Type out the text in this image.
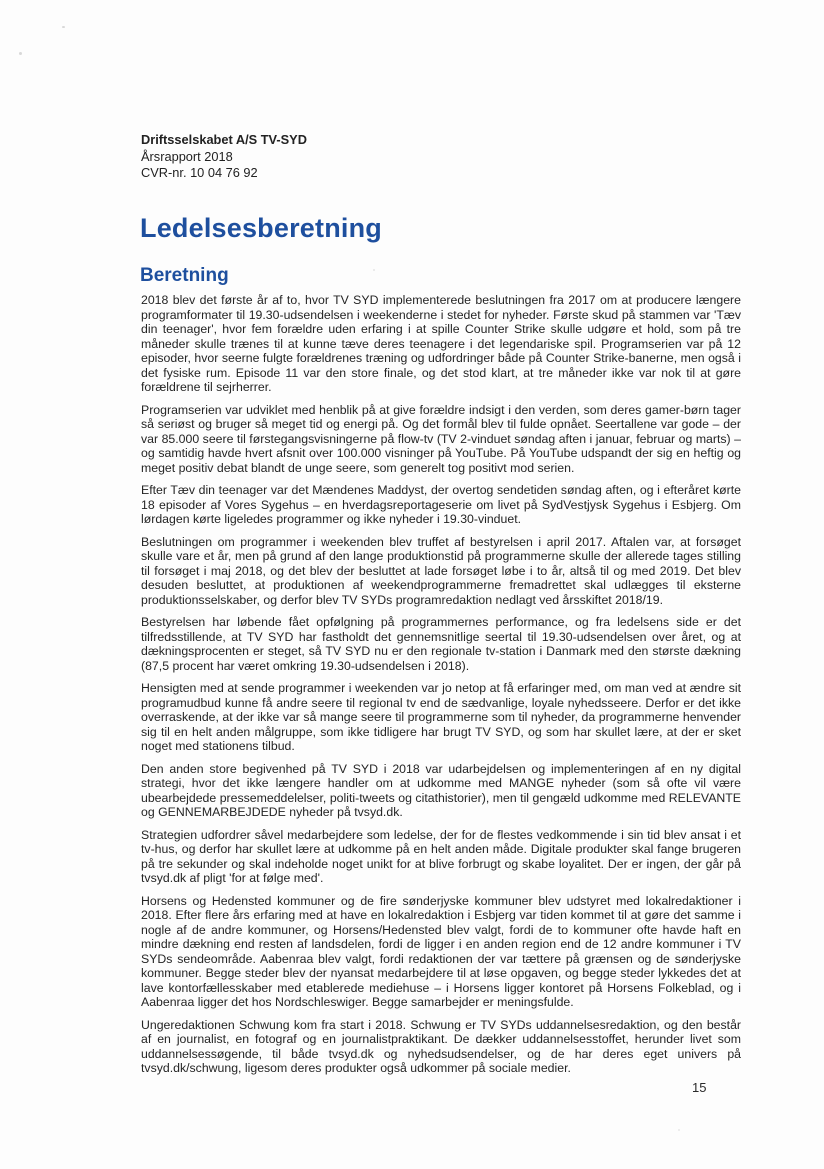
Driftsselskabet A/S TV-SYD
Årsrapport 2018
CVR-nr. 10 04 76 92
Ledelsesberetning
Beretning

2018 blev det første år af to, hvor TV SYD implementerede beslutningen fra 2017 om at producere længere programformater til 19.30-udsendelsen i weekenderne i stedet for nyheder. Første skud på stammen var 'Tæv din teenager', hvor fem forældre uden erfaring i at spille Counter Strike skulle udgøre et hold, som på tre måneder skulle trænes til at kunne tæve deres teenagere i det legendariske spil. Programserien var på 12 episoder, hvor seerne fulgte forældrenes træning og udfordringer både på Counter Strike-banerne, men også i det fysiske rum. Episode 11 var den store finale, og det stod klart, at tre måneder ikke var nok til at gøre forældrene til sejrherrer.

Programserien var udviklet med henblik på at give forældre indsigt i den verden, som deres gamer-børn tager så seriøst og bruger så meget tid og energi på. Og det formål blev til fulde opnået. Seertallene var gode – der var 85.000 seere til førstegangsvisningerne på flow-tv (TV 2-vinduet søndag aften i januar, februar og marts) – og samtidig havde hvert afsnit over 100.000 visninger på YouTube. På YouTube udspandt der sig en heftig og meget positiv debat blandt de unge seere, som generelt tog positivt mod serien.

Efter Tæv din teenager var det Mændenes Maddyst, der overtog sendetiden søndag aften, og i efteråret kørte 18 episoder af Vores Sygehus – en hverdagsreportageserie om livet på SydVestjysk Sygehus i Esbjerg. Om lørdagen kørte ligeledes programmer og ikke nyheder i 19.30-vinduet.

Beslutningen om programmer i weekenden blev truffet af bestyrelsen i april 2017. Aftalen var, at forsøget skulle vare et år, men på grund af den lange produktionstid på programmerne skulle der allerede tages stilling til forsøget i maj 2018, og det blev der besluttet at lade forsøget løbe i to år, altså til og med 2019. Det blev desuden besluttet, at produktionen af weekendprogrammerne fremadrettet skal udlægges til eksterne produktionsselskaber, og derfor blev TV SYDs programredaktion nedlagt ved årsskiftet 2018/19.

Bestyrelsen har løbende fået opfølgning på programmernes performance, og fra ledelsens side er det tilfredsstillende, at TV SYD har fastholdt det gennemsnitlige seertal til 19.30-udsendelsen over året, og at dækningsprocenten er steget, så TV SYD nu er den regionale tv-station i Danmark med den største dækning (87,5 procent har været omkring 19.30-udsendelsen i 2018).

Hensigten med at sende programmer i weekenden var jo netop at få erfaringer med, om man ved at ændre sit programudbud kunne få andre seere til regional tv end de sædvanlige, loyale nyhedsseere. Derfor er det ikke overraskende, at der ikke var så mange seere til programmerne som til nyheder, da programmerne henvender sig til en helt anden målgruppe, som ikke tidligere har brugt TV SYD, og som har skullet lære, at der er sket noget med stationens tilbud.

Den anden store begivenhed på TV SYD i 2018 var udarbejdelsen og implementeringen af en ny digital strategi, hvor det ikke længere handler om at udkomme med MANGE nyheder (som så ofte vil være ubearbejdede pressemeddelelser, politi-tweets og citathistorier), men til gengæld udkomme med RELEVANTE og GENNEMARBEJDEDE nyheder på tvsyd.dk.

Strategien udfordrer såvel medarbejdere som ledelse, der for de flestes vedkommende i sin tid blev ansat i et tv-hus, og derfor har skullet lære at udkomme på en helt anden måde. Digitale produkter skal fange brugeren på tre sekunder og skal indeholde noget unikt for at blive forbrugt og skabe loyalitet. Der er ingen, der går på tvsyd.dk af pligt 'for at følge med'.

Horsens og Hedensted kommuner og de fire sønderjyske kommuner blev udstyret med lokalredaktioner i 2018. Efter flere års erfaring med at have en lokalredaktion i Esbjerg var tiden kommet til at gøre det samme i nogle af de andre kommuner, og Horsens/Hedensted blev valgt, fordi de to kommuner ofte havde haft en mindre dækning end resten af landsdelen, fordi de ligger i en anden region end de 12 andre kommuner i TV SYDs sendeområde. Aabenraa blev valgt, fordi redaktionen der var tættere på grænsen og de sønderjyske kommuner. Begge steder blev der nyansat medarbejdere til at løse opgaven, og begge steder lykkedes det at lave kontorfællesskaber med etablerede mediehuse – i Horsens ligger kontoret på Horsens Folkeblad, og i Aabenraa ligger det hos Nordschleswiger. Begge samarbejder er meningsfulde.

Ungeredaktionen Schwung kom fra start i 2018. Schwung er TV SYDs uddannelsesredaktion, og den består af en journalist, en fotograf og en journalistpraktikant. De dækker uddannelsesstoffet, herunder livet som uddannelsessøgende, til både tvsyd.dk og nyhedsudsendelser, og de har deres eget univers på tvsyd.dk/schwung, ligesom deres produkter også udkommer på sociale medier.

15
